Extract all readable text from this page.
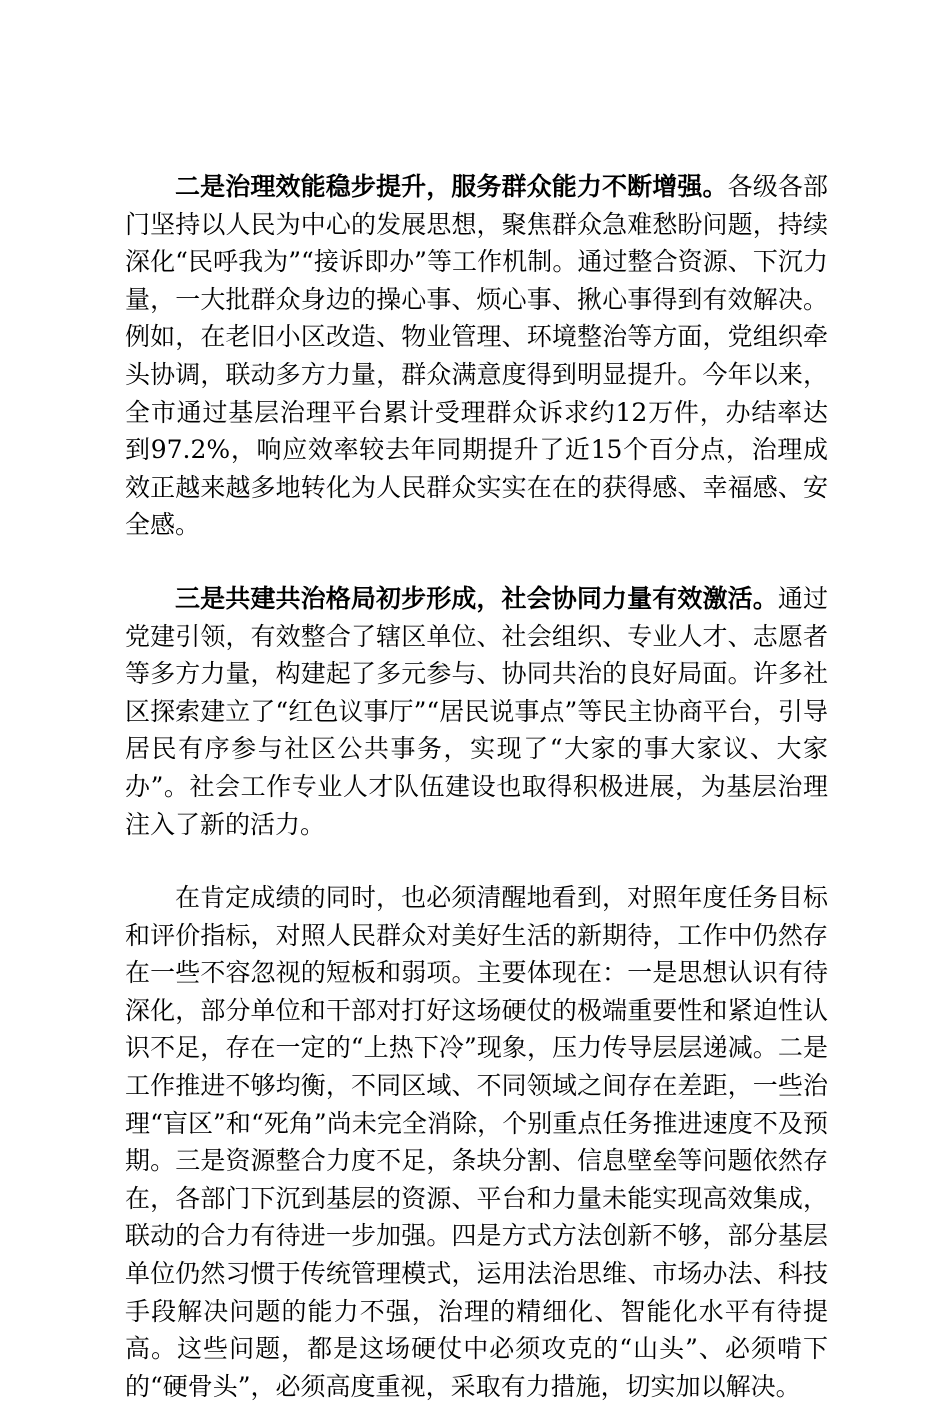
二是治理效能稳步提升，服务群众能力不断增强。各级各部门坚持以人民为中心的发展思想，聚焦群众急难愁盼问题，持续深化“民呼我为”“接诉即办”等工作机制。通过整合资源、下沉力量，一大批群众身边的操心事、烦心事、揪心事得到有效解决。例如，在老旧小区改造、物业管理、环境整治等方面，党组织牵头协调，联动多方力量，群众满意度得到明显提升。今年以来，全市通过基层治理平台累计受理群众诉求约12万件，办结率达到97.2%，响应效率较去年同期提升了近15个百分点，治理成效正越来越多地转化为人民群众实实在在的获得感、幸福感、安全感。

三是共建共治格局初步形成，社会协同力量有效激活。通过党建引领，有效整合了辖区单位、社会组织、专业人才、志愿者等多方力量，构建起了多元参与、协同共治的良好局面。许多社区探索建立了“红色议事厅”“居民说事点”等民主协商平台，引导居民有序参与社区公共事务，实现了“大家的事大家议、大家办”。社会工作专业人才队伍建设也取得积极进展，为基层治理注入了新的活力。

在肯定成绩的同时，也必须清醒地看到，对照年度任务目标和评价指标，对照人民群众对美好生活的新期待，工作中仍然存在一些不容忽视的短板和弱项。主要体现在：一是思想认识有待深化，部分单位和干部对打好这场硬仗的极端重要性和紧迫性认识不足，存在一定的“上热下冷”现象，压力传导层层递减。二是工作推进不够均衡，不同区域、不同领域之间存在差距，一些治理“盲区”和“死角”尚未完全消除，个别重点任务推进速度不及预期。三是资源整合力度不足，条块分割、信息壁垒等问题依然存在，各部门下沉到基层的资源、平台和力量未能实现高效集成，联动的合力有待进一步加强。四是方式方法创新不够，部分基层单位仍然习惯于传统管理模式，运用法治思维、市场办法、科技手段解决问题的能力不强，治理的精细化、智能化水平有待提高。这些问题，都是这场硬仗中必须攻克的“山头”、必须啃下的“硬骨头”，必须高度重视，采取有力措施，切实加以解决。
